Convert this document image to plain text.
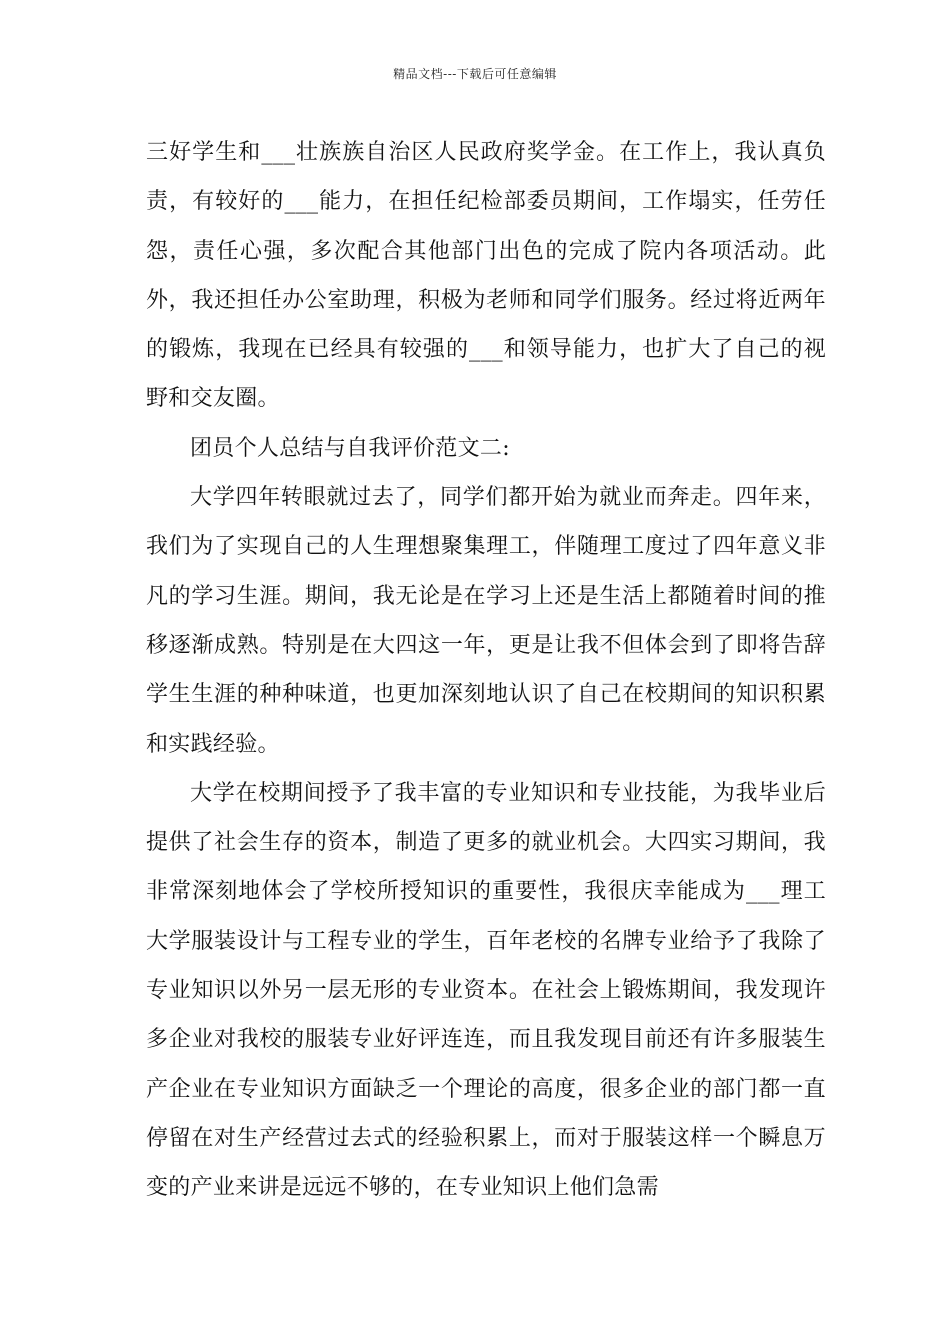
精品文档---下载后可任意编辑

三好学生和___壮族族自治区人民政府奖学金。在工作上，我认真负责，有较好的___能力，在担任纪检部委员期间，工作塌实，任劳任怨，责任心强，多次配合其他部门出色的完成了院内各项活动。此外，我还担任办公室助理，积极为老师和同学们服务。经过将近两年的锻炼，我现在已经具有较强的___和领导能力，也扩大了自己的视野和交友圈。

团员个人总结与自我评价范文二:

大学四年转眼就过去了，同学们都开始为就业而奔走。四年来，我们为了实现自己的人生理想聚集理工，伴随理工度过了四年意义非凡的学习生涯。期间，我无论是在学习上还是生活上都随着时间的推移逐渐成熟。特别是在大四这一年，更是让我不但体会到了即将告辞学生生涯的种种味道，也更加深刻地认识了自己在校期间的知识积累和实践经验。

大学在校期间授予了我丰富的专业知识和专业技能，为我毕业后提供了社会生存的资本，制造了更多的就业机会。大四实习期间，我非常深刻地体会了学校所授知识的重要性，我很庆幸能成为___理工大学服装设计与工程专业的学生，百年老校的名牌专业给予了我除了专业知识以外另一层无形的专业资本。在社会上锻炼期间，我发现许多企业对我校的服装专业好评连连，而且我发现目前还有许多服装生产企业在专业知识方面缺乏一个理论的高度，很多企业的部门都一直停留在对生产经营过去式的经验积累上，而对于服装这样一个瞬息万变的产业来讲是远远不够的，在专业知识上他们急需
